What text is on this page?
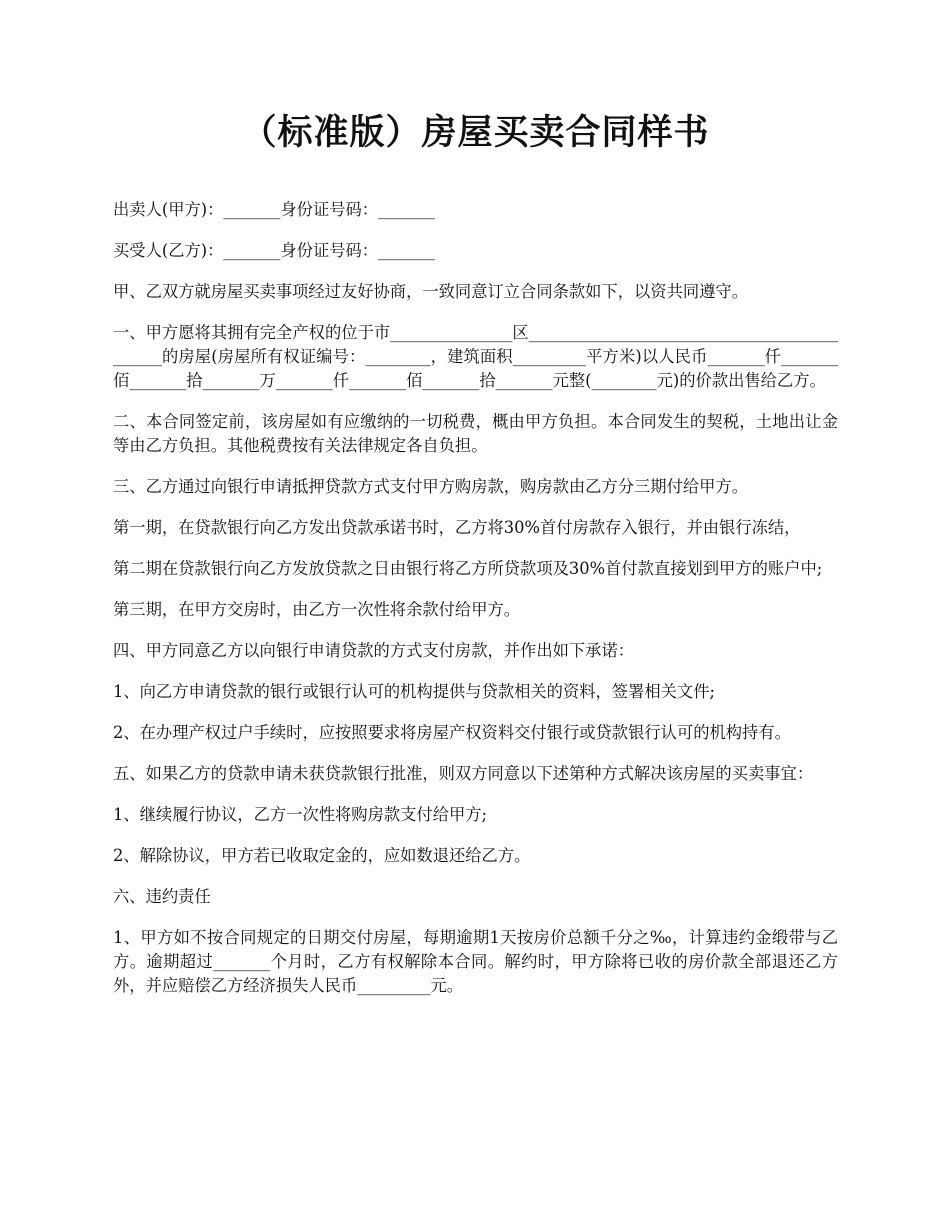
（标准版）房屋买卖合同样书

出卖人(甲方)：_______身份证号码：_______

买受人(乙方)：_______身份证号码：_______

甲、乙双方就房屋买卖事项经过友好协商，一致同意订立合同条款如下，以资共同遵守。

一、甲方愿将其拥有完全产权的位于市_______________区____________________________________________的房屋(房屋所有权证编号：________，建筑面积_________平方米)以人民币_______仟_______佰_______拾_______万_______仟_______佰_______拾_______元整(________元)的价款出售给乙方。

二、本合同签定前，该房屋如有应缴纳的一切税费，概由甲方负担。本合同发生的契税，土地出让金等由乙方负担。其他税费按有关法律规定各自负担。

三、乙方通过向银行申请抵押贷款方式支付甲方购房款，购房款由乙方分三期付给甲方。

第一期，在贷款银行向乙方发出贷款承诺书时，乙方将30%首付房款存入银行，并由银行冻结，

第二期在贷款银行向乙方发放贷款之日由银行将乙方所贷款项及30%首付款直接划到甲方的账户中;

第三期，在甲方交房时，由乙方一次性将余款付给甲方。

四、甲方同意乙方以向银行申请贷款的方式支付房款，并作出如下承诺：

1、向乙方申请贷款的银行或银行认可的机构提供与贷款相关的资料，签署相关文件;

2、在办理产权过户手续时，应按照要求将房屋产权资料交付银行或贷款银行认可的机构持有。

五、如果乙方的贷款申请未获贷款银行批准，则双方同意以下述第种方式解决该房屋的买卖事宜：

1、继续履行协议，乙方一次性将购房款支付给甲方;

2、解除协议，甲方若已收取定金的，应如数退还给乙方。

六、违约责任

1、甲方如不按合同规定的日期交付房屋，每期逾期1天按房价总额千分之‰，计算违约金缎带与乙方。逾期超过_______个月时，乙方有权解除本合同。解约时，甲方除将已收的房价款全部退还乙方外，并应赔偿乙方经济损失人民币_________元。
